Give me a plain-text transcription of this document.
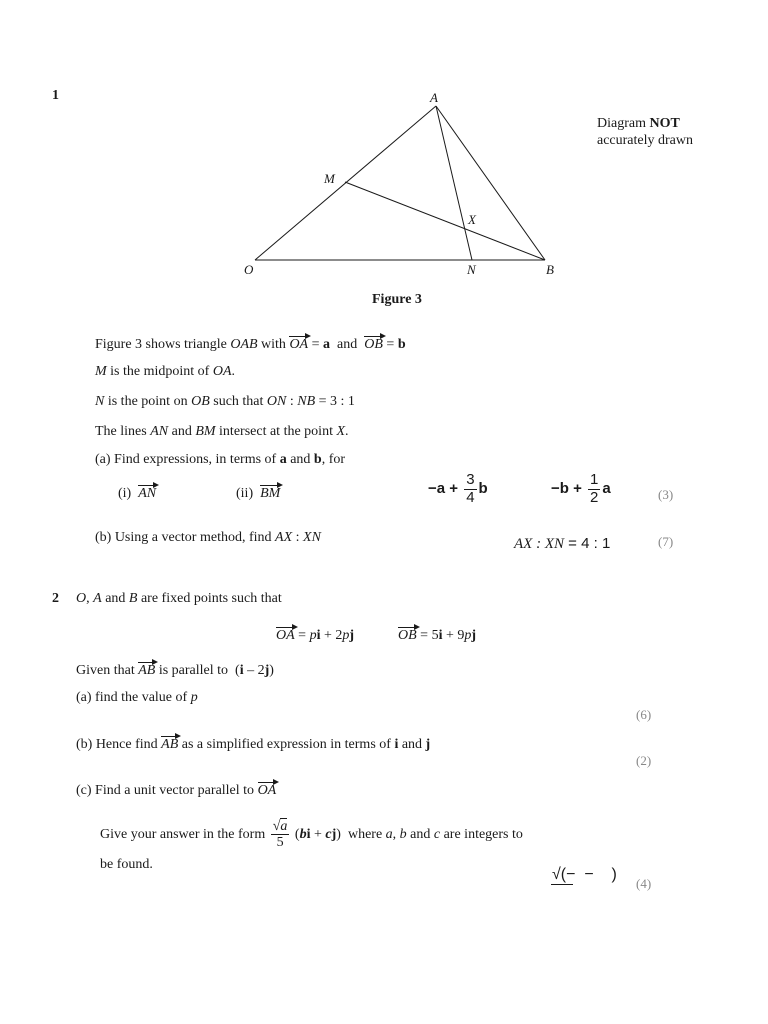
1	A
M
X
O	N	B
Diagram NOT
accurately drawn
Figure 3
Figure 3 shows triangle OAB with OA = a  and  OB = b
M is the midpoint of OA.
N is the point on OB such that ON : NB = 3 : 1
The lines AN and BM intersect at the point X.
(a) Find expressions, in terms of a and b, for
(i)  AN	(ii)  BM	$-a + \frac{3}{4}$ b	$-b + \frac{1}{2}$ a	(3)
(b) Using a vector method, find AX : XN	AX : XN = 4 : 1	(7)
2 O, A and B are fixed points such that
OA = pi + 2pj	OB = 5i + 9pj
Given that AB is parallel to  (i – 2j)
(a) find the value of p
(6)
(b) Hence find AB as a simplified expression in terms of i and j
(2)
(c) Find a unit vector parallel to OA
Give your answer in the form $\frac{√a}{5} (bi + cj)$  where a, b and c are integers to
be found.
√(−  −    )
(4)
